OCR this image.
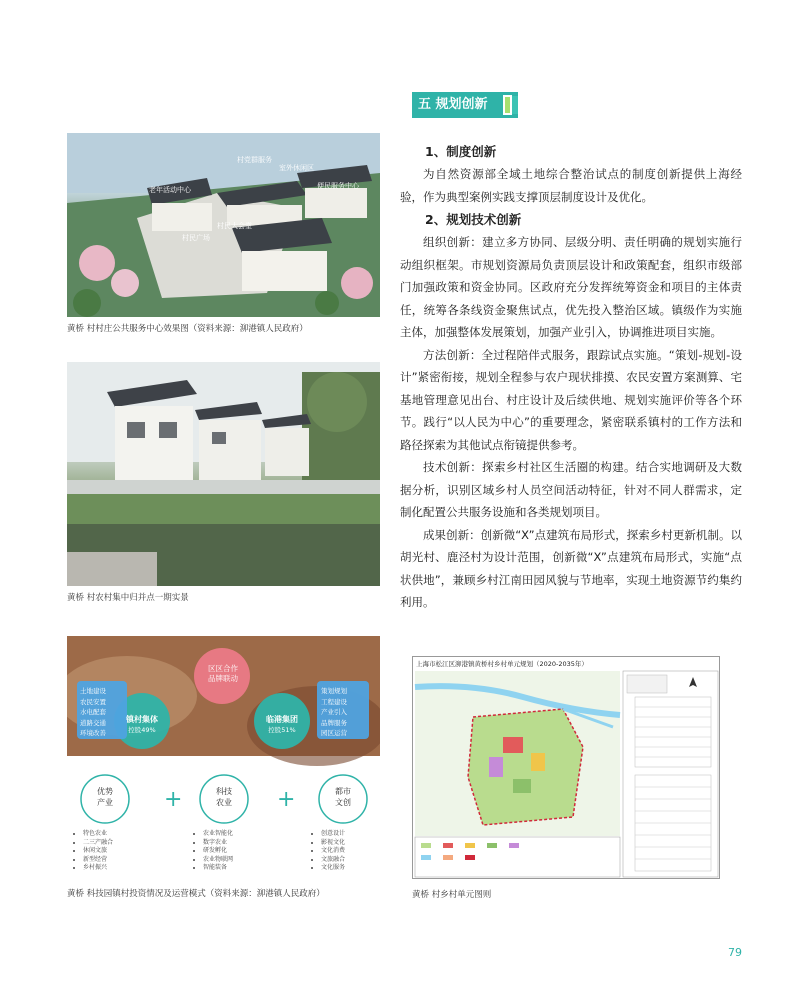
五 规划创新
1、制度创新

为自然资源部全域土地综合整治试点的制度创新提供上海经验，作为典型案例实践支撑顶层制度设计及优化。

2、规划技术创新

组织创新：建立多方协同、层级分明、责任明确的规划实施行动组织框架。市规划资源局负责顶层设计和政策配套，组织市级部门加强政策和资金协同。区政府充分发挥统筹资金和项目的主体责任，统筹各条线资金聚焦试点，优先投入整治区域。镇级作为实施主体，加强整体发展策划，加强产业引入，协调推进项目实施。

方法创新：全过程陪伴式服务，跟踪试点实施。“策划-规划-设计”紧密衔接，规划全程参与农户现状排摸、农民安置方案测算、宅基地管理意见出台、村庄设计及后续供地、规划实施评价等各个环节。践行“以人民为中心”的重要理念，紧密联系镇村的工作方法和路径探索为其他试点衔镜提供参考。

技术创新：探索乡村社区生活圈的构建。结合实地调研及大数据分析，识别区域乡村人员空间活动特征，针对不同人群需求，定制化配置公共服务设施和各类规划项目。

成果创新：创新微“X”点建筑布局形式，探索乡村更新机制。以胡光村、鹿泾村为设计范围，创新微“X”点建筑布局形式，实施“点状供地”，兼顾乡村江南田园风貌与节地率，实现土地资源节约集约利用。

村党群服务
室外休闲区
老年活动中心	便民服务中心
村民广场
村民大会堂
黄桥 村村庄公共服务中心效果图（资料来源：泖港镇人民政府）
黄桥 村农村集中归并点一期实景
+	+
区区合作
品牌联动
土地建设
农民安置
水电配套
道路交通
环境改善
策划规划
工程建设
产业引入
品牌服务
园区运营
镇村集体
控股49%
临港集团
控股51%
优势
产业
科技
农业
都市
文创
• 特色农业
• 二三产融合
• 休闲文旅
• 新型经营
• 乡村振兴
• 农业智能化
• 数字农业
• 研发孵化
• 农业物联网
• 智能装备
• 创意设计
• 影视文化
• 文化消费
• 文旅融合
• 文化服务
黄桥 科技园镇村投资情况及运营模式（资料来源：泖港镇人民政府）
上海市松江区泖港镇黄桥村乡村单元规划（2020-2035年）
黄桥 村乡村单元图则
79
